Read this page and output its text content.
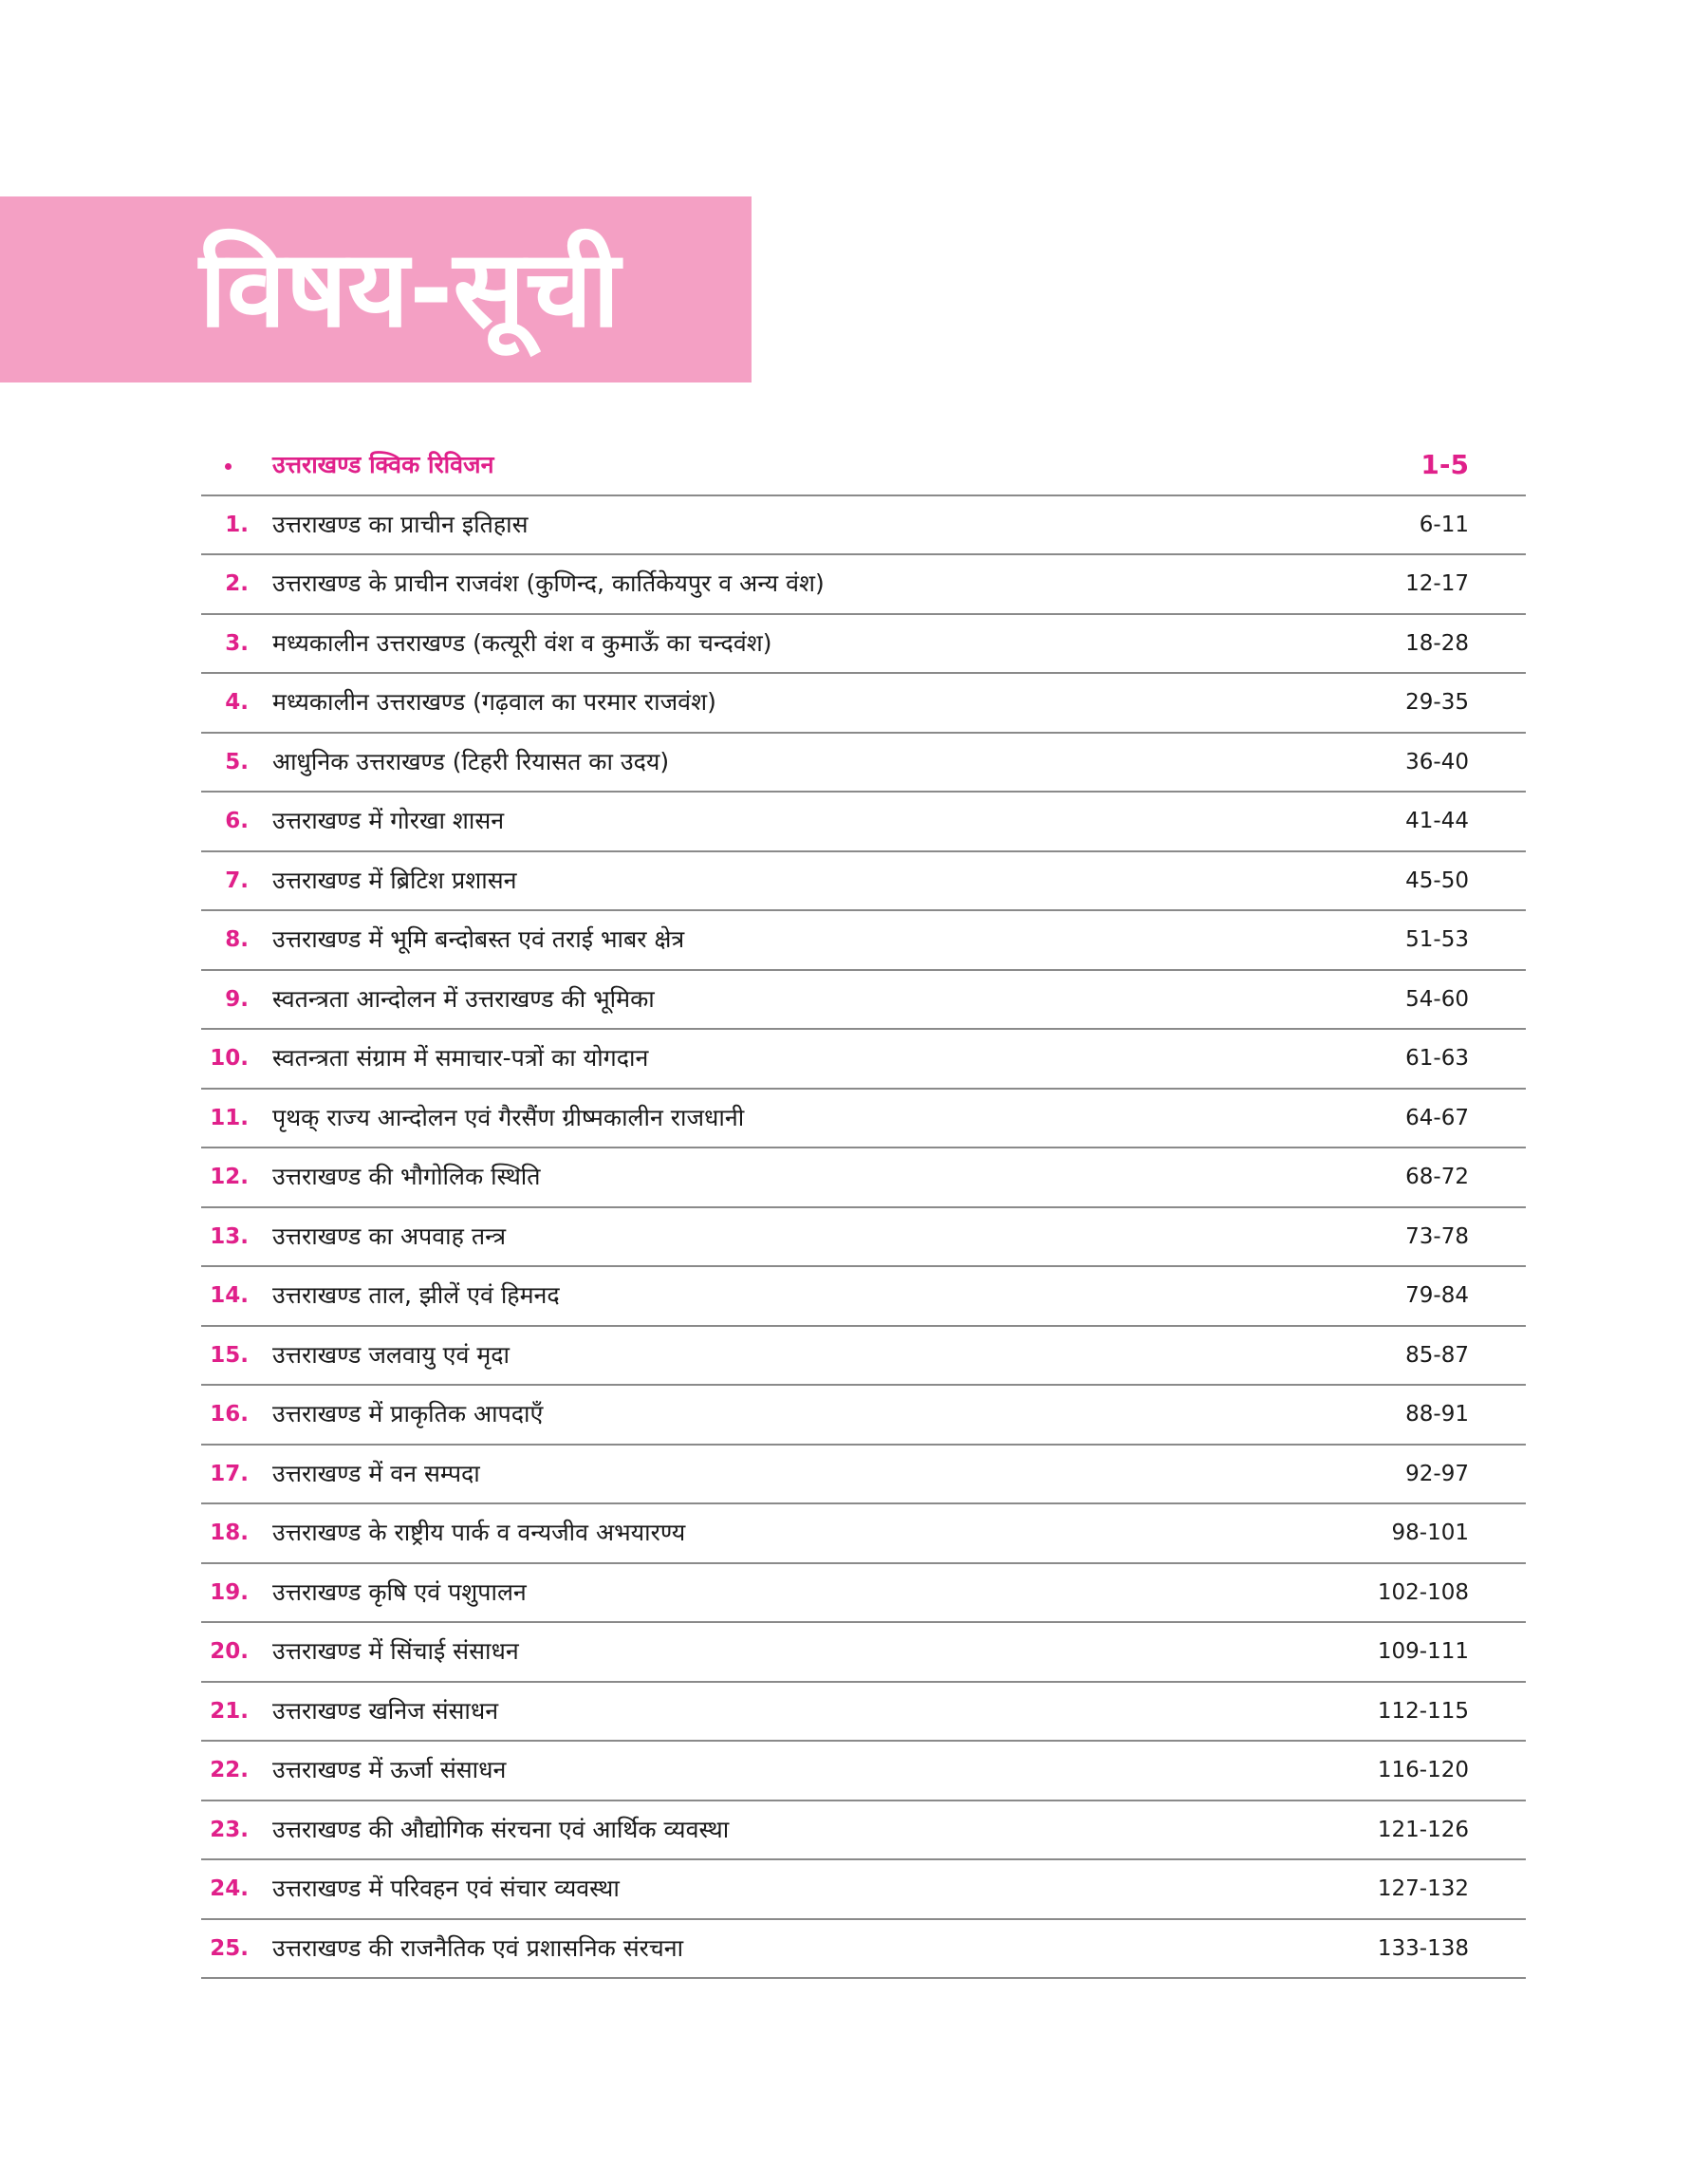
विषय-सूची
उत्तराखण्ड क्विक रिविजन	1-5
1. उत्तराखण्ड का प्राचीन इतिहास	6-11
2. उत्तराखण्ड के प्राचीन राजवंश (कुणिन्द, कार्तिकेयपुर व अन्य वंश)	12-17
3. मध्यकालीन उत्तराखण्ड (कत्यूरी वंश व कुमाऊँ का चन्दवंश)	18-28
4. मध्यकालीन उत्तराखण्ड (गढ़वाल का परमार राजवंश)	29-35
5. आधुनिक उत्तराखण्ड (टिहरी रियासत का उदय)	36-40
6. उत्तराखण्ड में गोरखा शासन	41-44
7. उत्तराखण्ड में ब्रिटिश प्रशासन	45-50
8. उत्तराखण्ड में भूमि बन्दोबस्त एवं तराई भाबर क्षेत्र	51-53
9. स्वतन्त्रता आन्दोलन में उत्तराखण्ड की भूमिका	54-60
10. स्वतन्त्रता संग्राम में समाचार-पत्रों का योगदान	61-63
11. पृथक् राज्य आन्दोलन एवं गैरसैंण ग्रीष्मकालीन राजधानी	64-67
12. उत्तराखण्ड की भौगोलिक स्थिति	68-72
13. उत्तराखण्ड का अपवाह तन्त्र	73-78
14. उत्तराखण्ड ताल, झीलें एवं हिमनद	79-84
15. उत्तराखण्ड जलवायु एवं मृदा	85-87
16. उत्तराखण्ड में प्राकृतिक आपदाएँ	88-91
17. उत्तराखण्ड में वन सम्पदा	92-97
18. उत्तराखण्ड के राष्ट्रीय पार्क व वन्यजीव अभयारण्य	98-101
19. उत्तराखण्ड कृषि एवं पशुपालन	102-108
20. उत्तराखण्ड में सिंचाई संसाधन	109-111
21. उत्तराखण्ड खनिज संसाधन	112-115
22. उत्तराखण्ड में ऊर्जा संसाधन	116-120
23. उत्तराखण्ड की औद्योगिक संरचना एवं आर्थिक व्यवस्था	121-126
24. उत्तराखण्ड में परिवहन एवं संचार व्यवस्था	127-132
25. उत्तराखण्ड की राजनैतिक एवं प्रशासनिक संरचना	133-138
